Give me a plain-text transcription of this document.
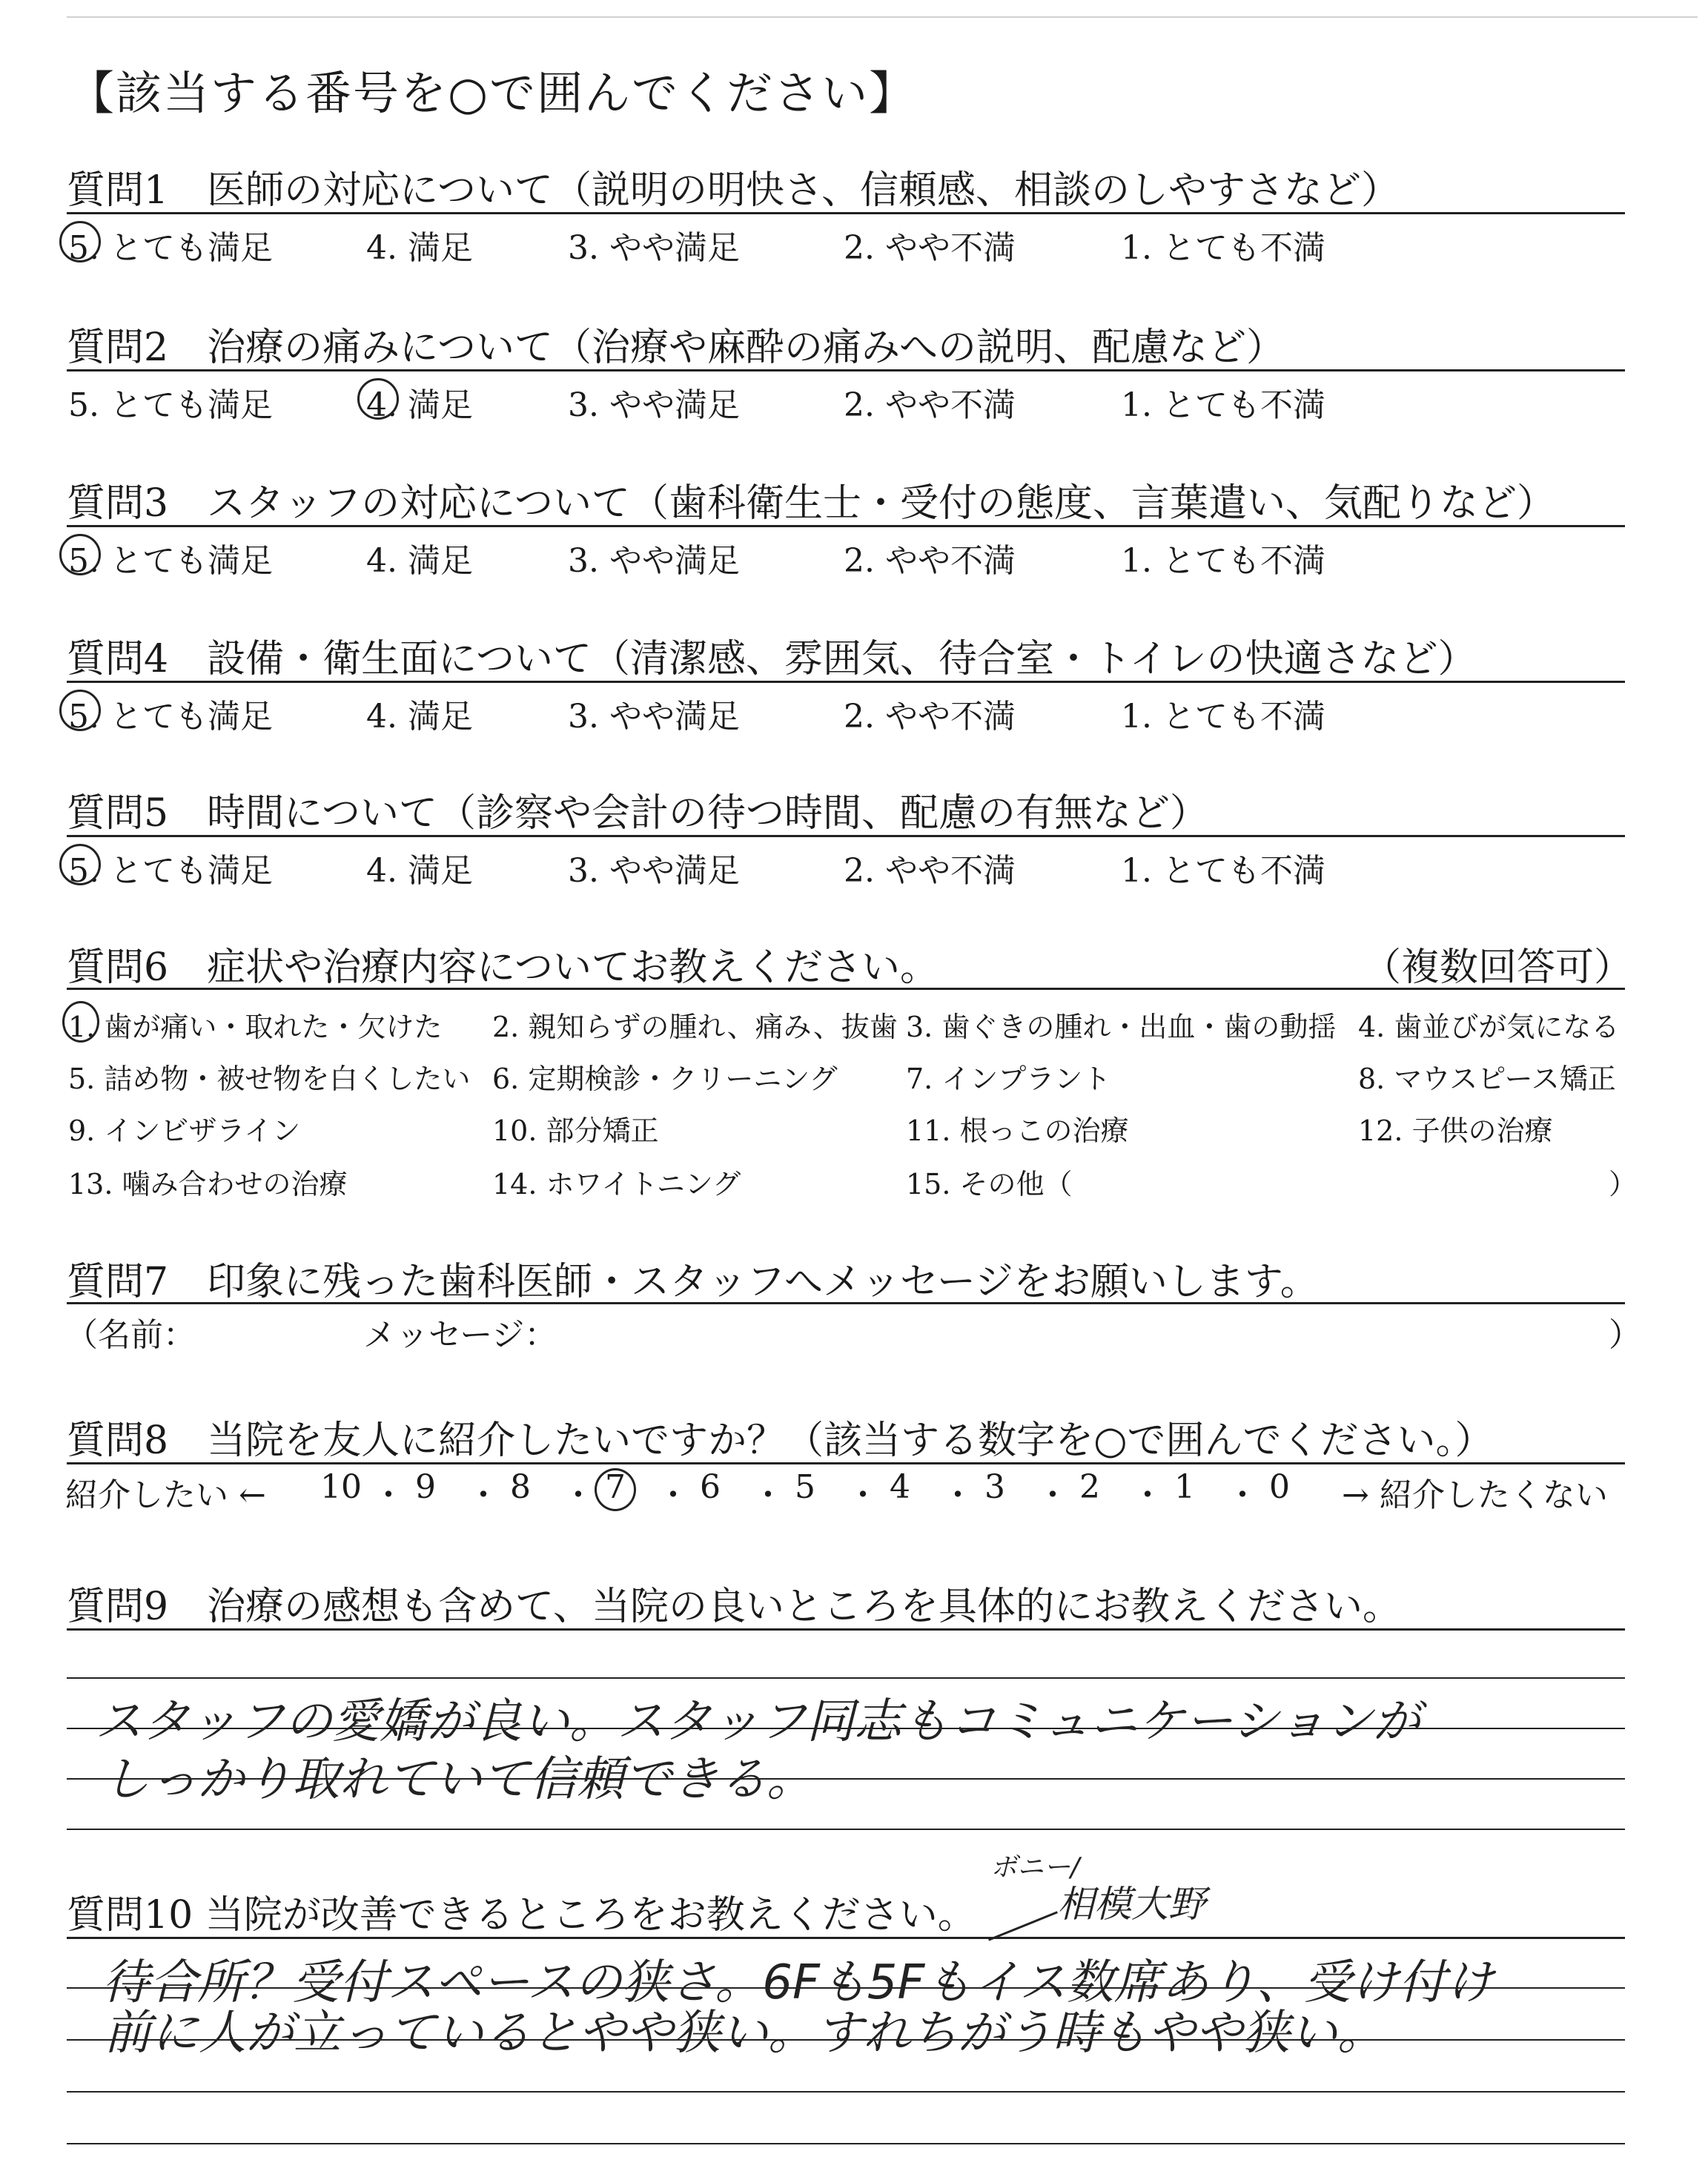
【該当する番号を○で囲んでください】
質問1　医師の対応について（説明の明快さ、信頼感、相談のしやすさなど）
5. とても満足	4. 満足	3. やや満足	2. やや不満	1. とても不満
質問2　治療の痛みについて（治療や麻酔の痛みへの説明、配慮など）
5. とても満足	4. 満足	3. やや満足	2. やや不満	1. とても不満
質問3　スタッフの対応について（歯科衛生士・受付の態度、言葉遣い、気配りなど）
5. とても満足	4. 満足	3. やや満足	2. やや不満	1. とても不満
質問4　設備・衛生面について（清潔感、雰囲気、待合室・トイレの快適さなど）
5. とても満足	4. 満足	3. やや満足	2. やや不満	1. とても不満
質問5　時間について（診察や会計の待つ時間、配慮の有無など）
5. とても満足	4. 満足	3. やや満足	2. やや不満	1. とても不満
質問6　症状や治療内容についてお教えください。	（複数回答可）
1. 歯が痛い・取れた・欠けた 2. 親知らずの腫れ、痛み、抜歯 3. 歯ぐきの腫れ・出血・歯の動揺 4. 歯並びが気になる
5. 詰め物・被せ物を白くしたい 6. 定期検診・クリーニング 7. インプラント	8. マウスピース矯正
9. インビザライン	10. 部分矯正	11. 根っこの治療	12. 子供の治療
13. 噛み合わせの治療	14. ホワイトニング	15. その他（	）
質問7　印象に残った歯科医師・スタッフへメッセージをお願いします。
（名前：	メッセージ：	）
質問8　当院を友人に紹介したいですか？（該当する数字を○で囲んでください。）
紹介したい ← 10 ・ 9 ・ 8 ・ 7 ・ 6 ・ 5 ・ 4 ・ 3 ・ 2 ・ 1 ・ 0 → 紹介したくない
質問9　治療の感想も含めて、当院の良いところを具体的にお教えください。
スタッフの愛嬌が良い。スタッフ同志もコミュニケーションが
しっかり取れていて信頼できる。
質問10 当院が改善できるところをお教えください。
ボニー/
相模大野
待合所？受付スペースの狭さ。6Fも5Fもイス数席あり、受け付け
前に人が立っているとやや狭い。すれちがう時もやや狭い。
